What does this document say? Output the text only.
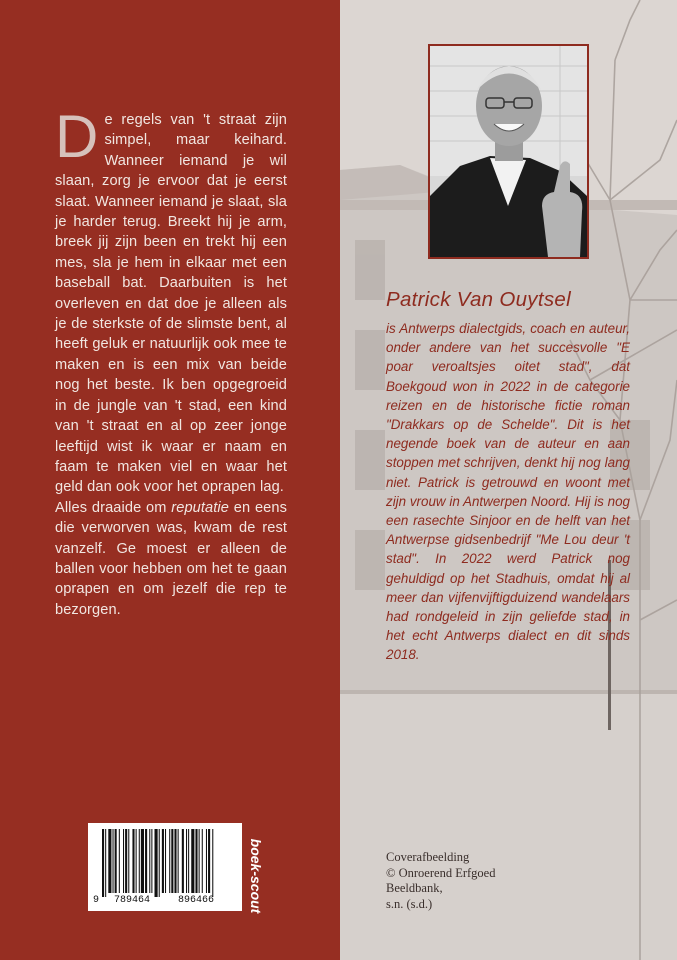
De regels van 't straat zijn simpel, maar keihard. Wanneer iemand je wil slaan, zorg je ervoor dat je eerst slaat. Wanneer iemand je slaat, sla je harder terug. Breekt hij je arm, breek jij zijn been en trekt hij een mes, sla je hem in elkaar met een baseball bat. Daarbuiten is het overleven en dat doe je alleen als je de sterkste of de slimste bent, al heeft geluk er natuurlijk ook mee te maken en is een mix van beide nog het beste. Ik ben opgegroeid in de jungle van 't stad, een kind van 't straat en al op zeer jonge leeftijd wist ik waar er naam en faam te maken viel en waar het geld dan ook voor het oprapen lag.

Alles draaide om reputatie en eens die verworven was, kwam de rest vanzelf. Ge moest er alleen de ballen voor hebben om het te gaan oprapen en om jezelf die rep te bezorgen.

9 789464	896466 boek-scout

Patrick Van Ouytsel

is Antwerps dialectgids, coach en auteur, onder andere van het succesvolle "E poar veroaltsjes oitet stad", dat Boekgoud won in 2022 in de categorie reizen en de historische fictie roman "Drakkars op de Schelde". Dit is het negende boek van de auteur en aan stoppen met schrijven, denkt hij nog lang niet. Patrick is getrouwd en woont met zijn vrouw in Antwerpen Noord. Hij is nog een rasechte Sinjoor en de helft van het Antwerpse gidsenbedrijf "Me Lou deur 't stad". In 2022 werd Patrick nog gehuldigd op het Stadhuis, omdat hij al meer dan vijfenvijftigduizend wandelaars had rondgeleid in zijn geliefde stad, in het echt Antwerps dialect en dit sinds 2018.

Coverafbeelding
© Onroerend Erfgoed
Beeldbank,
s.n. (s.d.)
